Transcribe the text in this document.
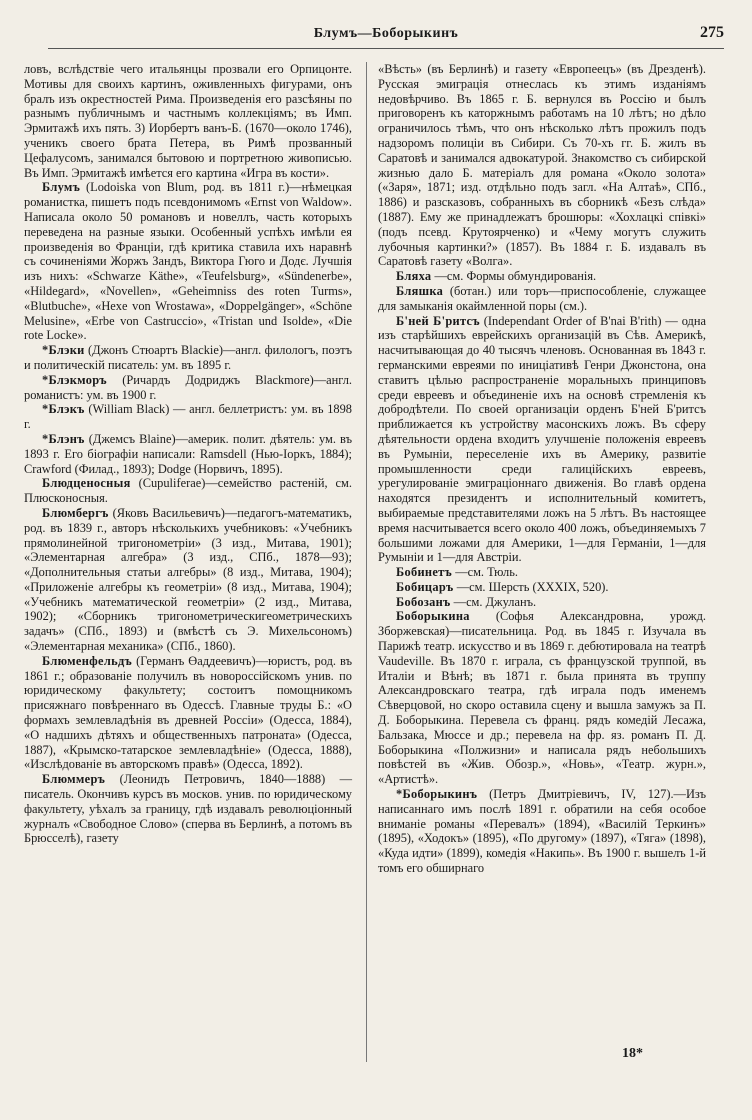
Блумъ—Боборыкинъ	275

ловъ, вслѣдствіе чего итальянцы прозвали его Орпицонте. Мотивы для своихъ картинъ, оживленныхъ фигурами, онъ бралъ изъ окрестностей Рима. Произведенія его разсѣяны по разнымъ публичнымъ и частнымъ коллекціямъ; въ Имп. Эрмитажѣ ихъ пять. 3) Иорбертъ ванъ-Б. (1670—около 1746), ученикъ своего брата Петера, въ Римѣ прозванный Цефалусомъ, занимался бытовою и портретною живописью. Въ Имп. Эрмитажѣ имѣется его картина «Игра въ кости».

Блумъ (Lodoiska von Blum, род. въ 1811 г.)—нѣмецкая романистка, пишетъ подъ псевдонимомъ «Ernst von Waldow». Написала около 50 романовъ и новеллъ, часть которыхъ переведена на разные языки. Особенный успѣхъ имѣли ея произведенія во Франціи, гдѣ критика ставила ихъ наравнѣ съ сочиненіями Жоржъ Зандъ, Виктора Гюго и Додє. Лучшія изъ нихъ: «Schwarze Käthe», «Teufelsburg», «Sündenerbe», «Hildegard», «Novellen», «Geheimniss des roten Turms», «Blutbuche», «Hexe von Wrostawa», «Doppelgänger», «Schöne Melusine», «Erbe von Castruccio», «Tristan und Isolde», «Die rote Locke».

*Блэки (Джонъ Стюартъ Blackie)—англ. филологъ, поэтъ и политическій писатель: ум. въ 1895 г.

*Блэкморъ (Ричардъ Додриджъ Blackmore)—англ. романистъ: ум. въ 1900 г.

*Блэкъ (William Black) — англ. беллетристъ: ум. въ 1898 г.

*Блэнъ (Джемсъ Blaine)—америк. полит. дѣятель: ум. въ 1893 г. Его біографіи написали: Ramsdell (Нью-Іоркъ, 1884); Crawford (Филад., 1893); Dodge (Норвичъ, 1895).

Блюдценосныя (Cupuliferae)—семейство растеній, см. Плюсконосныя.

Блюмбергъ (Яковъ Васильевичъ)—педагогъ-математикъ, род. въ 1839 г., авторъ нѣсколькихъ учебниковъ: «Учебникъ прямолинейной тригонометріи» (3 изд., Митава, 1901); «Элементарная алгебра» (3 изд., СПб., 1878—93); «Дополнительныя статьи алгебры» (8 изд., Митава, 1904); «Приложеніе алгебры къ геометріи» (8 изд., Митава, 1904); «Учебникъ математической геометріи» (2 изд., Митава, 1902); «Сборникъ тригонометрическигеометрическихъ задачъ» (СПб., 1893) и (вмѣстѣ съ Э. Михельсономъ) «Элементарная механика» (СПб., 1860).

Блюменфельдъ (Германъ Өаддеевичъ)—юристъ, род. въ 1861 г.; образованіе получилъ въ новороссійскомъ унив. по юридическому факультету; состоитъ помощникомъ присяжнаго повѣреннаго въ Одессѣ. Главные труды Б.: «О формахъ землевладѣнія въ древней Россіи» (Одесса, 1884), «О надшихъ дѣтяхъ и общественныхъ патроната» (Одесса, 1887), «Крымско-татарское землевладѣніе» (Одесса, 1888), «Изслѣдованіе въ авторскомъ правѣ» (Одесса, 1892).

Блюммеръ (Леонидъ Петровичъ, 1840—1888) — писатель. Окончивъ курсъ въ москов. унив. по юридическому факультету, уѣхалъ за границу, гдѣ издавалъ революціонный журналъ «Свободное Слово» (сперва въ Берлинѣ, а потомъ въ Брюсселѣ), газету

«Вѣсть» (въ Берлинѣ) и газету «Европеецъ» (въ Дрезденѣ). Русская эмиграція отнеслась къ этимъ изданіямъ недовѣрчиво. Въ 1865 г. Б. вернулся въ Россію и былъ приговоренъ къ каторжнымъ работамъ на 10 лѣтъ; но дѣло ограничилось тѣмъ, что онъ нѣсколько лѣтъ прожилъ подъ надзоромъ полиціи въ Сибири. Съ 70-хъ гг. Б. жилъ въ Саратовѣ и занимался адвокатурой. Знакомство съ сибирской жизнью дало Б. матеріалъ для романа «Около золота» («Заря», 1871; изд. отдѣльно подъ загл. «На Алтаѣ», СПб., 1886) и разсказовъ, собранныхъ въ сборникѣ «Безъ слѣда» (1887). Ему же принадлежатъ брошюры: «Хохлацкі співкі» (подъ псевд. Крутоярченко) и «Чему могутъ служить лубочныя картинки?» (1857). Въ 1884 г. Б. издавалъ въ Саратовѣ газету «Волга».

Бляха —см. Формы обмундированія.

Бляшка (ботан.) или торъ—приспособленіе, служащее для замыканія окаймленной поры (см.).

Б'ней Б'ритсъ (Independant Order of B'nai B'rith) — одна изъ старѣйшихъ еврейскихъ организацій въ Сѣв. Америкѣ, насчитывающая до 40 тысячъ членовъ. Основанная въ 1843 г. германскими евреями по иниціативѣ Генри Джонстона, она ставитъ цѣлью распространеніе моральныхъ принциповъ среди евреевъ и объединеніе ихъ на основѣ стремленія къ добродѣтели. По своей организаціи орденъ Б'ней Б'ритсъ приближается къ устройству масонскихъ ложъ. Въ сферу дѣятельности ордена входитъ улучшеніе положенія евреевъ въ Румыніи, переселеніе ихъ въ Америку, развитіе промышленности среди галиційскихъ евреевъ, урегулированіе эмиграціоннаго движенія. Во главѣ ордена находятся президентъ и исполнительный комитетъ, выбираемые представителями ложъ на 5 лѣтъ. Въ настоящее время насчитывается всего около 400 ложъ, объединяемыхъ 7 большими ложами для Америки, 1—для Германіи, 1—для Румыніи и 1—для Австріи.

Бобинетъ —см. Тюль.

Бобицаръ —см. Шерсть (XXXIX, 520).

Бобозанъ —см. Джуланъ.

Боборыкина (Софья Александровна, урожд. Зборжевская)—писательница. Род. въ 1845 г. Изучала въ Парижѣ театр. искусство и въ 1869 г. дебютировала на театрѣ Vaudeville. Въ 1870 г. играла, съ французской труппой, въ Италіи и Вѣнѣ; въ 1871 г. была принята въ труппу Александровскаго театра, гдѣ играла подъ именемъ Сѣверцовой, но скоро оставила сцену и вышла замужъ за П. Д. Боборыкина. Перевела съ франц. рядъ комедій Лесажа, Бальзака, Мюссе и др.; перевела на фр. яз. романъ П. Д. Боборыкина «Полжизни» и написала рядъ небольшихъ повѣстей въ «Жив. Обозр.», «Новь», «Театр. журн.», «Артистѣ».

*Боборыкинъ (Петръ Дмитріевичъ, IV, 127).—Изъ написаннаго имъ послѣ 1891 г. обратили на себя особое вниманіе романы «Перевалъ» (1894), «Василій Теркинъ» (1895), «Ходокъ» (1895), «По другому» (1897), «Тяга» (1898), «Куда идти» (1899), комедія «Накипь». Въ 1900 г. вышелъ 1-й томъ его обширнаго

18*
